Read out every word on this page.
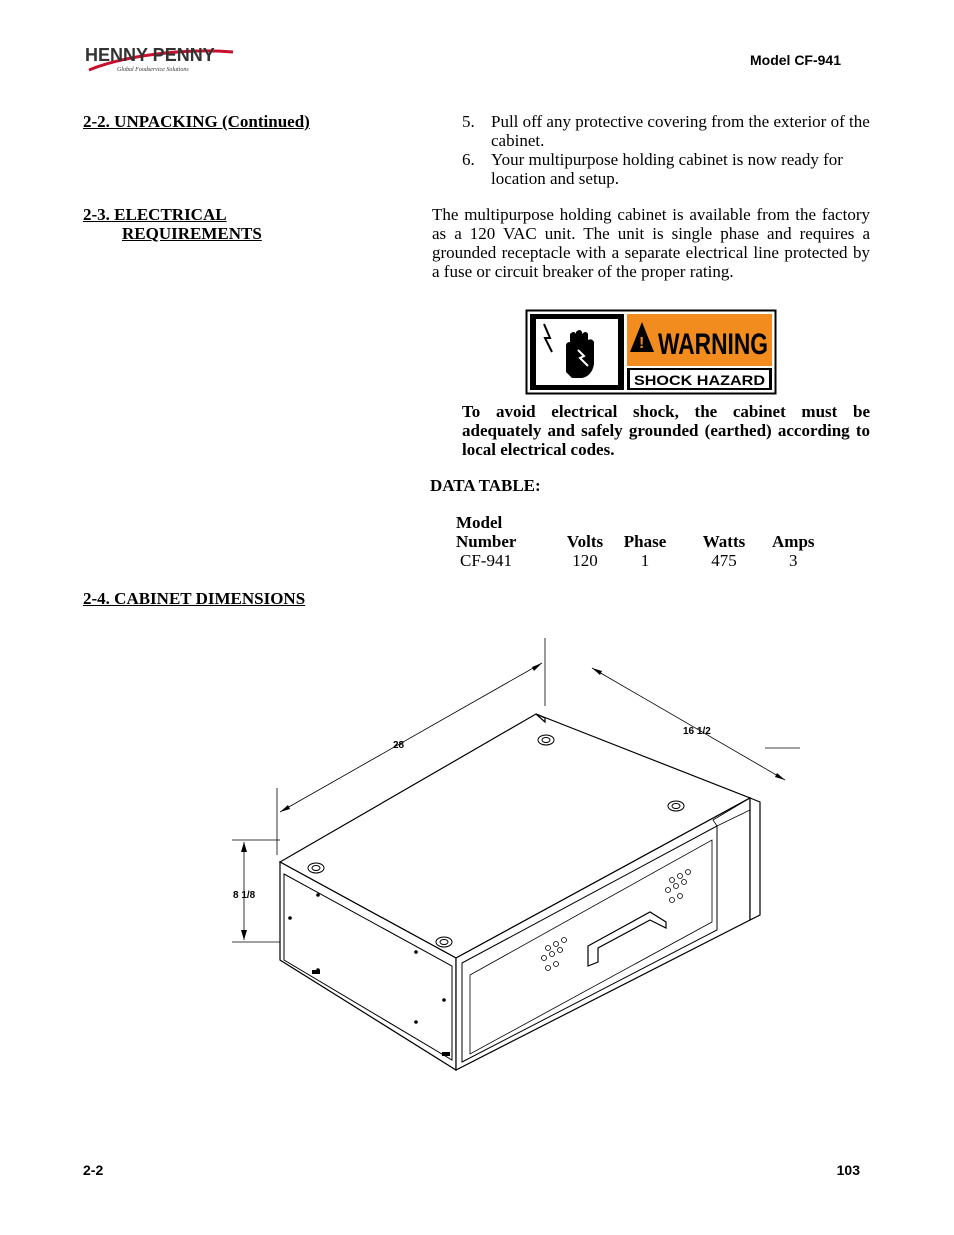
HENNY PENNY
Global Foodservice Solutions
Model CF-941
2-2. UNPACKING (Continued)	5. Pull off any protective covering from the exterior of the cabinet.
6. Your multipurpose holding cabinet is now ready for location and setup.
2-3. ELECTRICAL
REQUIREMENTS
The multipurpose holding cabinet is available from the factory as a 120 VAC unit. The unit is single phase and requires a grounded receptacle with a separate electrical line protected by a fuse or circuit breaker of the proper rating.
! WARNING
SHOCK HAZARD
To avoid electrical shock, the cabinet must be adequately and safely grounded (earthed) according to local electrical codes.
DATA TABLE:
Model Number	Volts	Phase	Watts	Amps
CF-941	120	1	475	3
2-4. CABINET DIMENSIONS
28
16 1/2
8 1/8
2-2	103
